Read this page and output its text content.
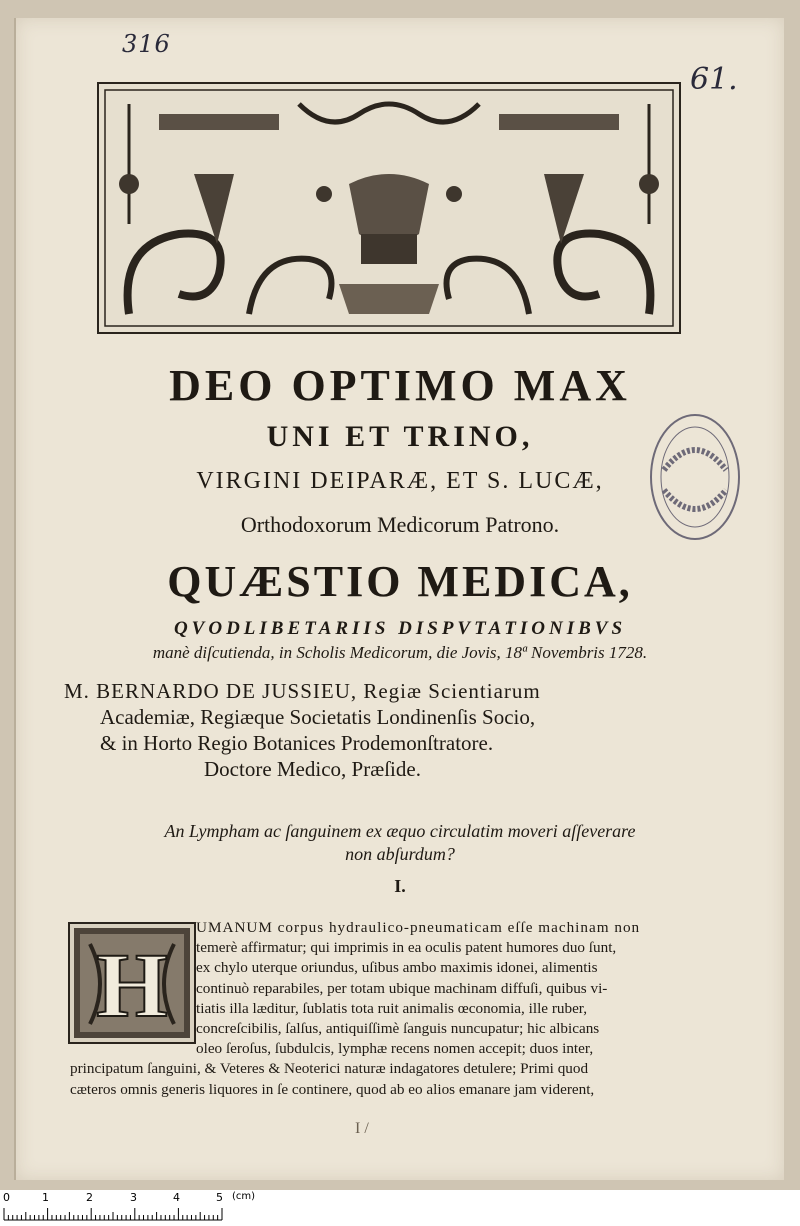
316
61.
DEO OPTIMO MAX
UNI ET TRINO,
VIRGINI DEIPARÆ, ET S. LUCÆ,
Orthodoxorum Medicorum Patrono.
QUÆSTIO MEDICA,
QVODLIBETARIIS DISPVTATIONIBVS
manè diſcutienda, in Scholis Medicorum, die Jovis, 18ª Novembris 1728.
M. BERNARDO DE JUSSIEU, Regiæ Scientiarum

Academiæ, Regiæque Societatis Londinenſis Socio,
& in Horto Regio Botanices Prodemonſtratore.
Doctore Medico, Præſide.
An Lympham ac ſanguinem ex æquo circulatim moveri aſſeverare
non abſurdum?
I.
H
UMANUM corpus hydraulico-pneumaticam eſſe machinam non
temerè affirmatur; qui imprimis in ea oculis patent humores duo ſunt,
ex chylo uterque oriundus, uſibus ambo maximis idonei, alimentis
continuò reparabiles, per totam ubique machinam diffuſi, quibus vi-
tiatis illa læditur, ſublatis tota ruit animalis œconomia, ille ruber,
concreſcibilis, ſalſus, antiquiſſimè ſanguis nuncupatur; hic albicans
oleo ſeroſus, ſubdulcis, lymphæ recens nomen accepit; duos inter,
principatum ſanguini, & Veteres & Neoterici naturæ indagatores detulere; Primi quod
cæteros omnis generis liquores in ſe continere, quod ab eo alios emanare jam viderent,
I /
0	1	2	3	4	5 (cm)
